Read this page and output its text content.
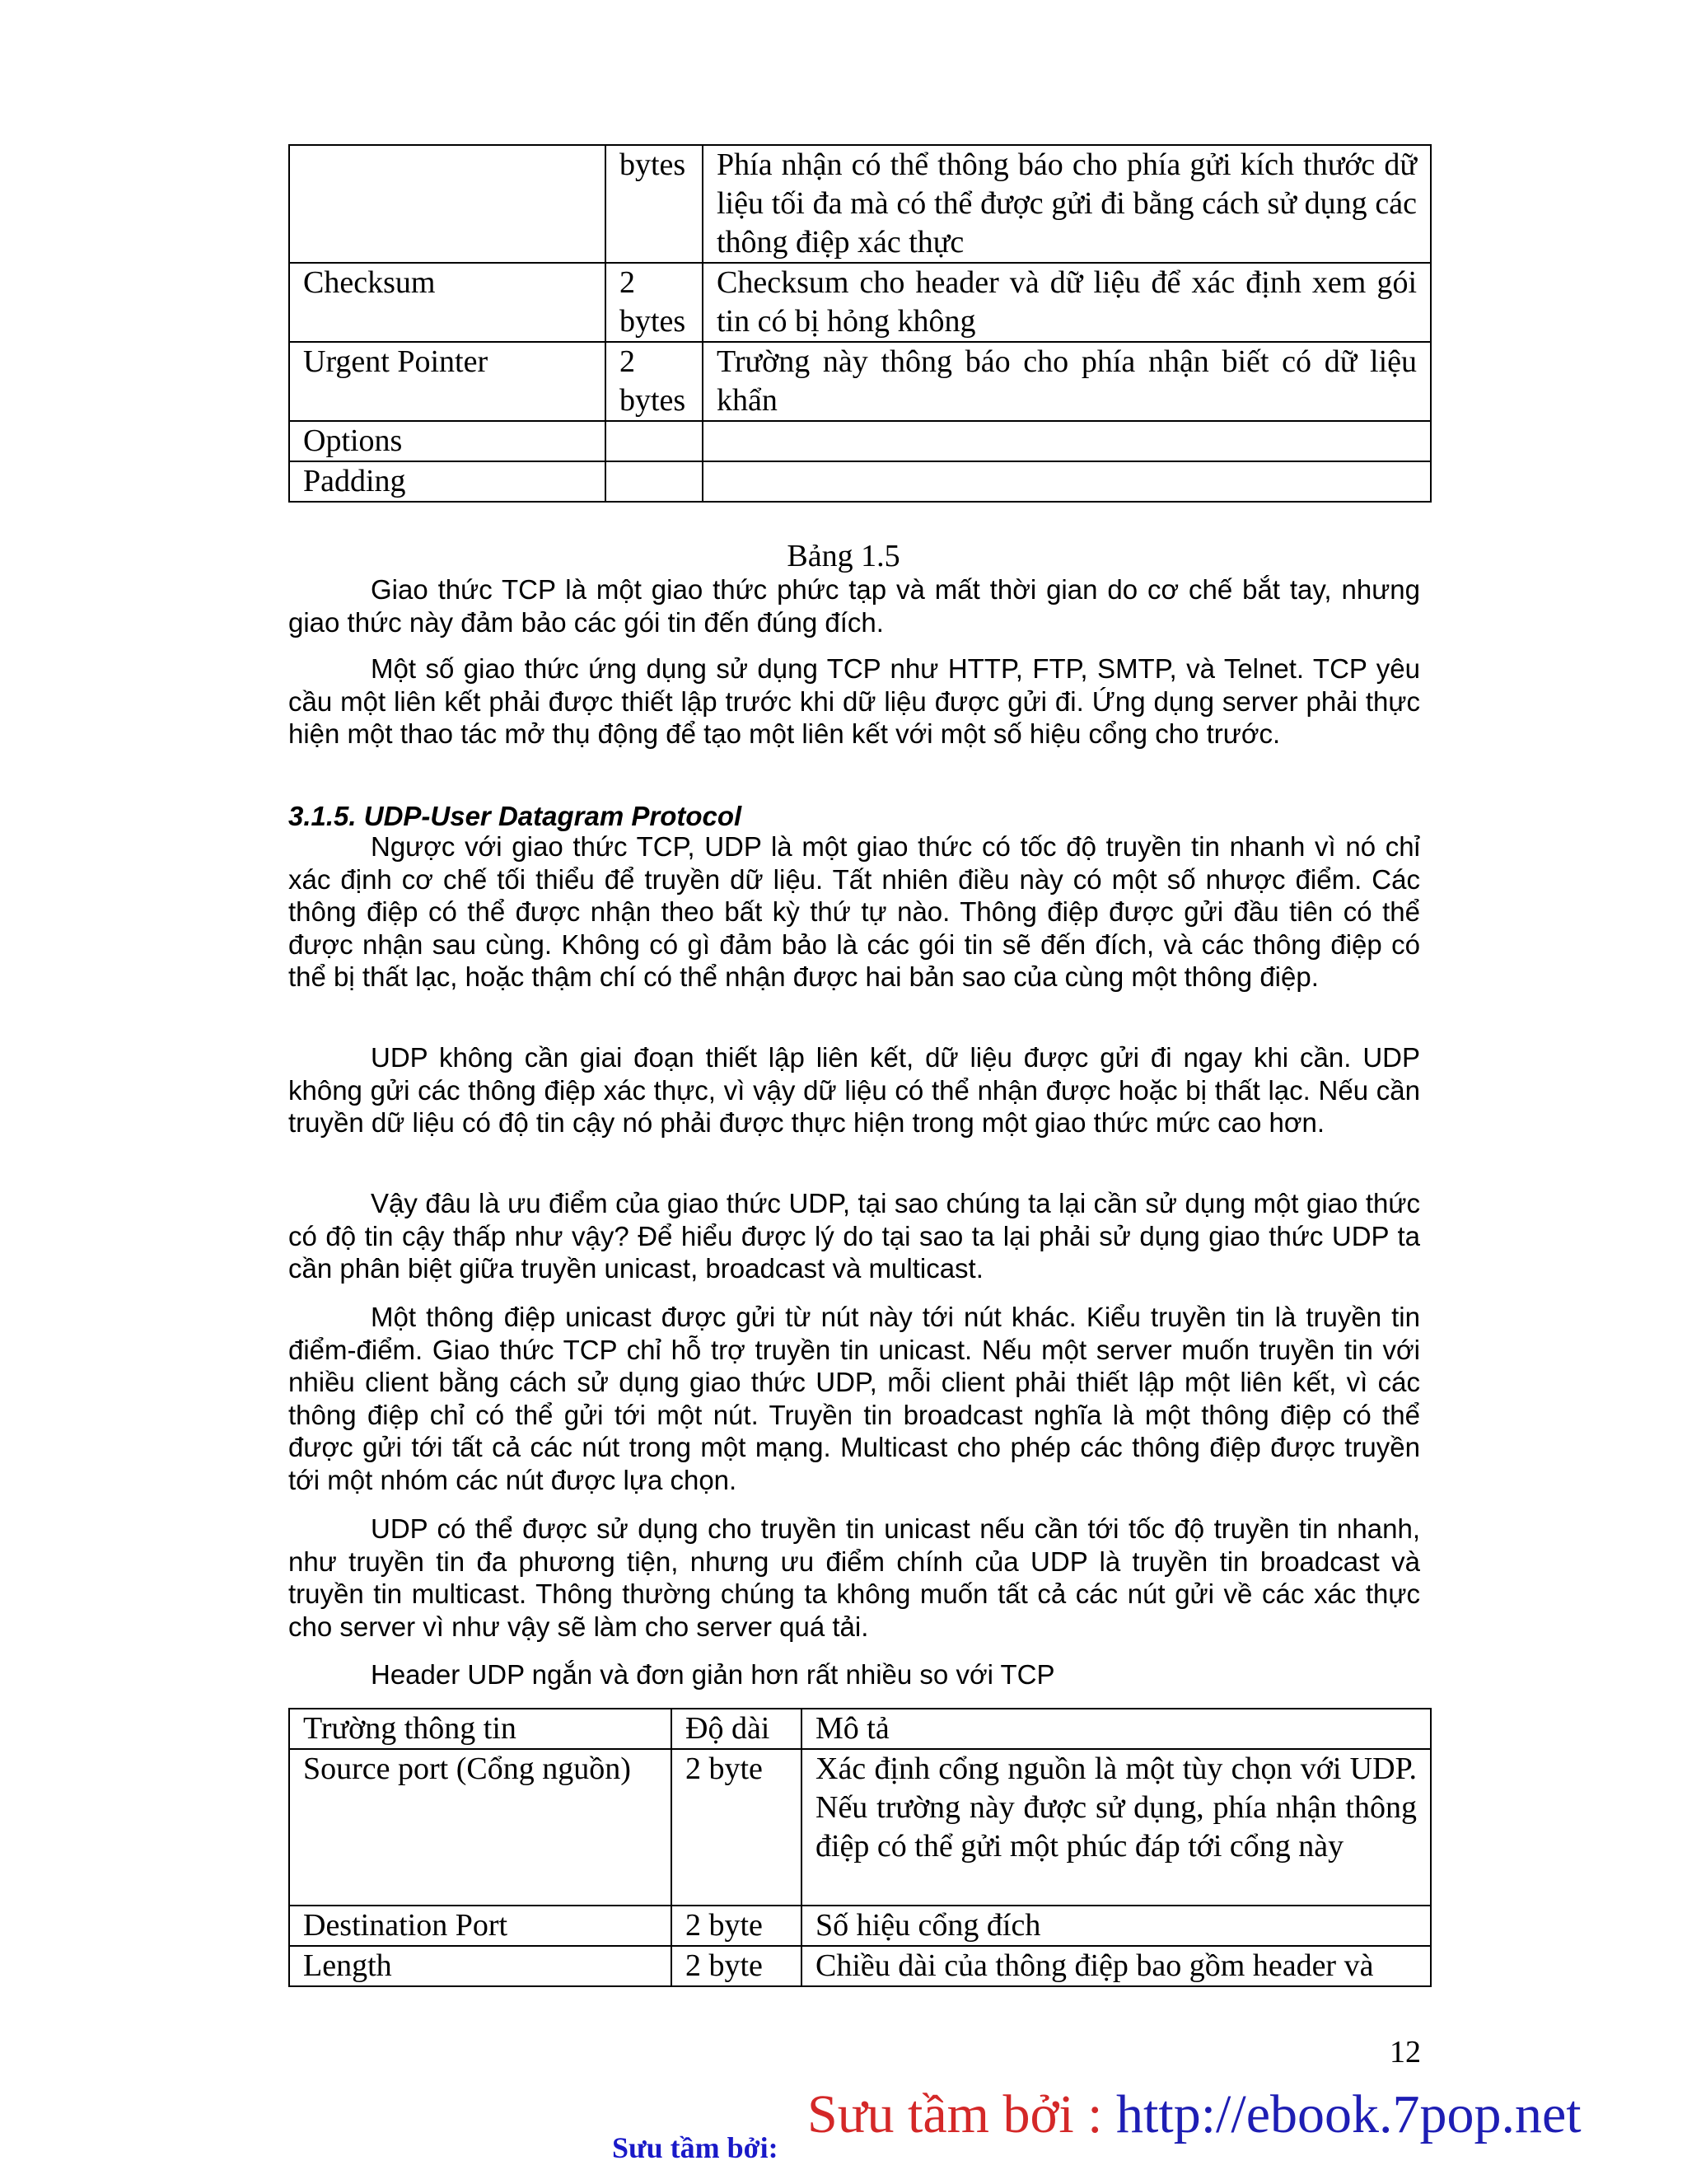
	bytes	Phía nhận có thể thông báo cho phía gửi kích thước dữ liệu tối đa mà có thể được gửi đi bằng cách sử dụng các thông điệp xác thực
Checksum	2 bytes	Checksum cho header và dữ liệu để xác định xem gói tin có bị hỏng không
Urgent Pointer	2 bytes	Trường này thông báo cho phía nhận biết có dữ liệu khẩn
Options		
Padding		
Bảng 1.5

Giao thức TCP là một giao thức phức tạp và mất thời gian do cơ chế bắt tay, nhưng giao thức này đảm bảo các gói tin đến đúng đích.

Một số giao thức ứng dụng sử dụng TCP như HTTP, FTP, SMTP, và Telnet. TCP yêu cầu một liên kết phải được thiết lập trước khi dữ liệu được gửi đi. Ứng dụng server phải thực hiện một thao tác mở thụ động để tạo một liên kết với một số hiệu cổng cho trước.

3.1.5. UDP-User Datagram Protocol

Ngược với giao thức TCP, UDP là một giao thức có tốc độ truyền tin nhanh vì nó chỉ xác định cơ chế tối thiểu để truyền dữ liệu. Tất nhiên điều này có một số nhược điểm. Các thông điệp có thể được nhận theo bất kỳ thứ tự nào. Thông điệp được gửi đầu tiên có thể được nhận sau cùng. Không có gì đảm bảo là các gói tin sẽ đến đích, và các thông điệp có thể bị thất lạc, hoặc thậm chí có thể nhận được hai bản sao của cùng một thông điệp.

UDP không cần giai đoạn thiết lập liên kết, dữ liệu được gửi đi ngay khi cần. UDP không gửi các thông điệp xác thực, vì vậy dữ liệu có thể nhận được hoặc bị thất lạc. Nếu cần truyền dữ liệu có độ tin cậy nó phải được thực hiện trong một giao thức mức cao hơn.

Vậy đâu là ưu điểm của giao thức UDP, tại sao chúng ta lại cần sử dụng một giao thức có độ tin cậy thấp như vậy? Để hiểu được lý do tại sao ta lại phải sử dụng giao thức UDP ta cần phân biệt giữa truyền unicast, broadcast và multicast.

Một thông điệp unicast được gửi từ nút này tới nút khác. Kiểu truyền tin là truyền tin điểm-điểm. Giao thức TCP chỉ hỗ trợ truyền tin unicast. Nếu một server muốn truyền tin với nhiều client bằng cách sử dụng giao thức UDP, mỗi client phải thiết lập một liên kết, vì các thông điệp chỉ có thể gửi tới một nút. Truyền tin broadcast nghĩa là một thông điệp có thể được gửi tới tất cả các nút trong một mạng. Multicast cho phép các thông điệp được truyền tới một nhóm các nút được lựa chọn.

UDP có thể được sử dụng cho truyền tin unicast nếu cần tới tốc độ truyền tin nhanh, như truyền tin đa phương tiện, nhưng ưu điểm chính của UDP là truyền tin broadcast và truyền tin multicast. Thông thường chúng ta không muốn tất cả các nút gửi về các xác thực cho server vì như vậy sẽ làm cho server quá tải.

Header UDP ngắn và đơn giản hơn rất nhiều so với TCP

Trường thông tin	Độ dài	Mô tả
Source port (Cổng nguồn)	2 byte	Xác định cổng nguồn là một tùy chọn với UDP. Nếu trường này được sử dụng, phía nhận thông điệp có thể gửi một phúc đáp tới cổng này
Destination Port	2 byte	Số hiệu cổng đích
Length	2 byte	Chiều dài của thông điệp bao gồm header và
12
Sưu tầm bởi:
Sưu tầm bởi : http://ebook.7pop.net
